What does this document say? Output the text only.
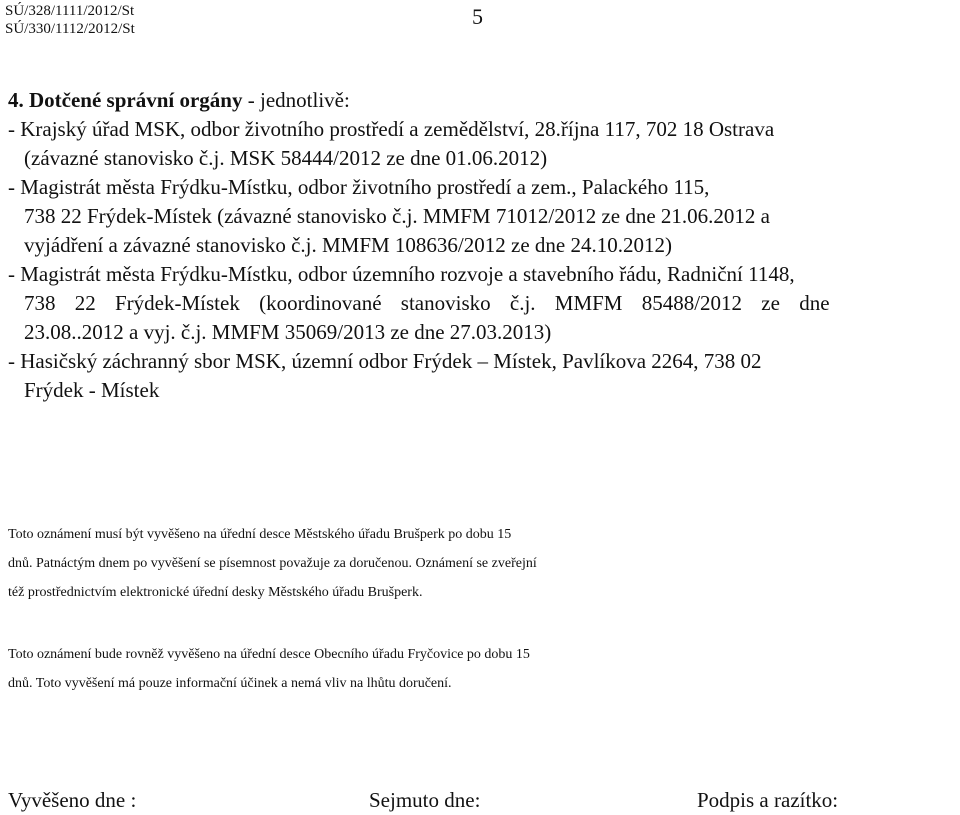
SÚ/328/1111/2012/St
SÚ/330/1112/2012/St	5
4. Dotčené správní orgány - jednotlivě:
- Krajský úřad MSK, odbor životního prostředí a zemědělství, 28.října 117, 702 18 Ostrava
(závazné stanovisko č.j. MSK 58444/2012 ze dne 01.06.2012)
- Magistrát města Frýdku-Místku, odbor životního prostředí a zem., Palackého 115,
738 22 Frýdek-Místek (závazné stanovisko č.j. MMFM 71012/2012 ze dne 21.06.2012 a
vyjádření a závazné stanovisko č.j. MMFM 108636/2012 ze dne 24.10.2012)
- Magistrát města Frýdku-Místku, odbor územního rozvoje a stavebního řádu, Radniční 1148,
738 22 Frýdek-Místek (koordinované stanovisko č.j. MMFM 85488/2012 ze dne
23.08..2012 a vyj. č.j. MMFM 35069/2013 ze dne 27.03.2013)
- Hasičský záchranný sbor MSK, územní odbor Frýdek – Místek, Pavlíkova 2264, 738 02
Frýdek - Místek
Toto oznámení musí být vyvěšeno na úřední desce Městského úřadu Brušperk po dobu 15
dnů. Patnáctým dnem po vyvěšení se písemnost považuje za doručenou. Oznámení se zveřejní
též prostřednictvím elektronické úřední desky Městského úřadu Brušperk.
Toto oznámení bude rovněž vyvěšeno na úřední desce Obecního úřadu Fryčovice po dobu 15
dnů. Toto vyvěšení má pouze informační účinek a nemá vliv na lhůtu doručení.
Vyvěšeno dne :	Sejmuto dne:	Podpis a razítko:
